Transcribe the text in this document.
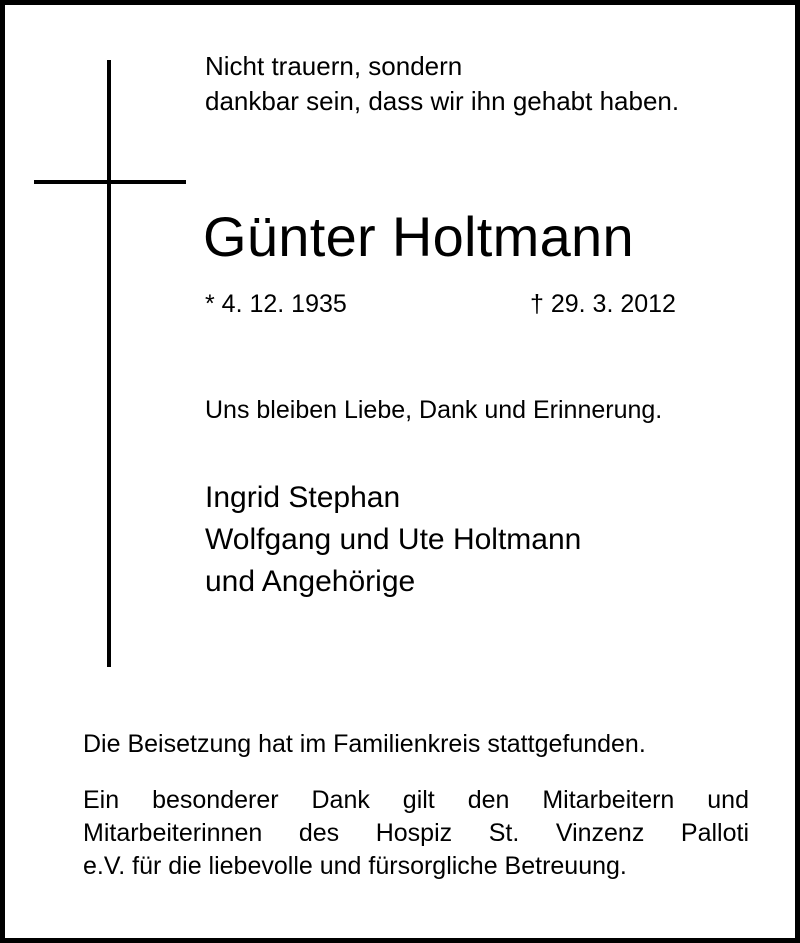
Nicht trauern, sondern
dankbar sein, dass wir ihn gehabt haben.
Günter Holtmann
* 4. 12. 1935	† 29. 3. 2012
Uns bleiben Liebe, Dank und Erinnerung.
Ingrid Stephan
Wolfgang und Ute Holtmann
und Angehörige
Die Beisetzung hat im Familienkreis stattgefunden.
Ein besonderer Dank gilt den Mitarbeitern und
Mitarbeiterinnen des Hospiz St. Vinzenz Palloti
e.V. für die liebevolle und fürsorgliche Betreuung.
